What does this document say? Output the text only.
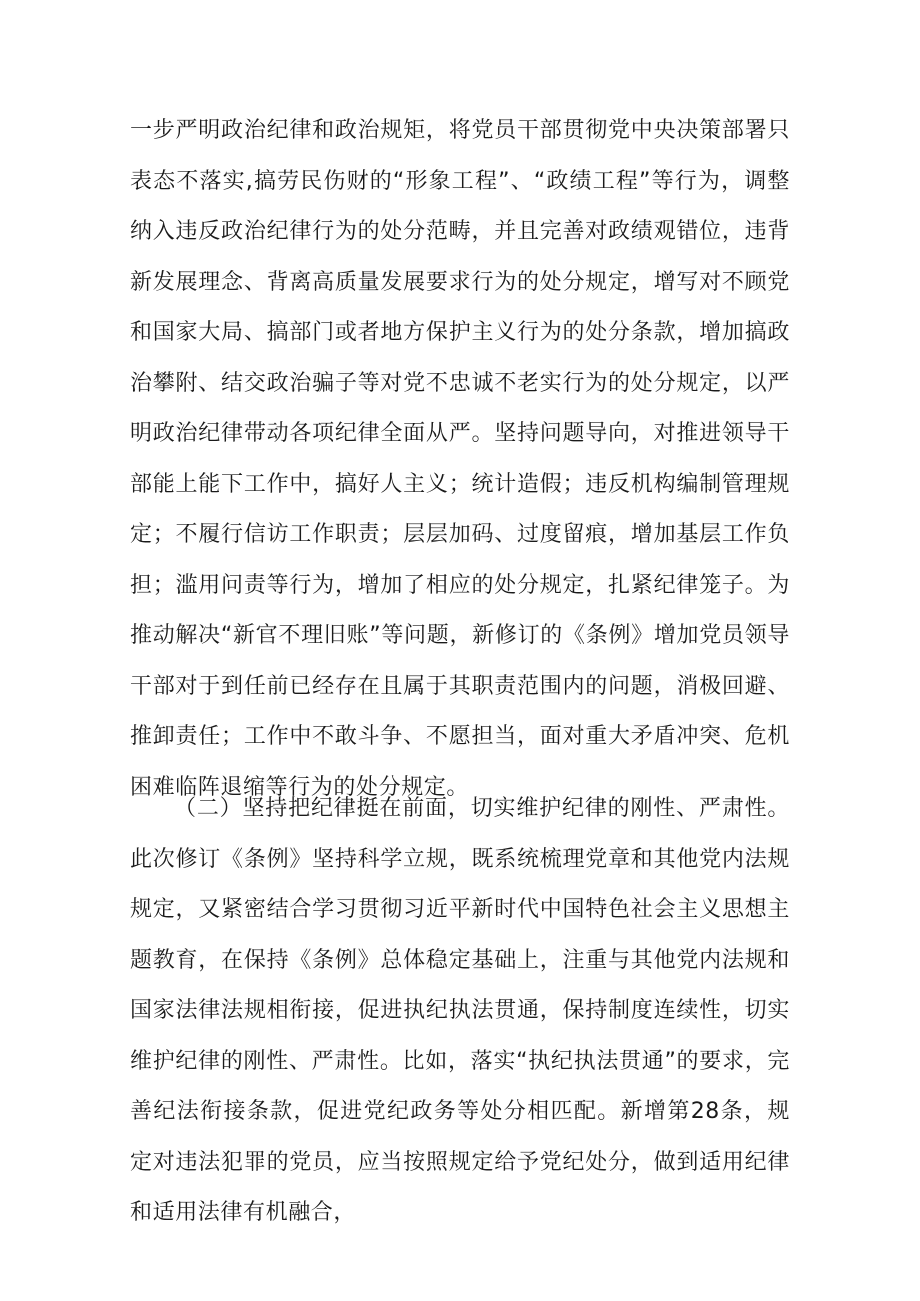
一步严明政治纪律和政治规矩，将党员干部贯彻党中央决策部署只表态不落实,搞劳民伤财的“形象工程”、“政绩工程”等行为，调整纳入违反政治纪律行为的处分范畴，并且完善对政绩观错位，违背新发展理念、背离高质量发展要求行为的处分规定，增写对不顾党和国家大局、搞部门或者地方保护主义行为的处分条款，增加搞政治攀附、结交政治骗子等对党不忠诚不老实行为的处分规定，以严明政治纪律带动各项纪律全面从严。坚持问题导向，对推进领导干部能上能下工作中，搞好人主义；统计造假；违反机构编制管理规定；不履行信访工作职责；层层加码、过度留痕，增加基层工作负担；滥用问责等行为，增加了相应的处分规定，扎紧纪律笼子。为推动解决“新官不理旧账”等问题，新修订的《条例》增加党员领导干部对于到任前已经存在且属于其职责范围内的问题，消极回避、推卸责任；工作中不敢斗争、不愿担当，面对重大矛盾冲突、危机困难临阵退缩等行为的处分规定。

（二）坚持把纪律挺在前面，切实维护纪律的刚性、严肃性。此次修订《条例》坚持科学立规，既系统梳理党章和其他党内法规规定，又紧密结合学习贯彻习近平新时代中国特色社会主义思想主题教育，在保持《条例》总体稳定基础上，注重与其他党内法规和国家法律法规相衔接，促进执纪执法贯通，保持制度连续性，切实维护纪律的刚性、严肃性。比如，落实“执纪执法贯通”的要求，完善纪法衔接条款，促进党纪政务等处分相匹配。新增第28条，规定对违法犯罪的党员，应当按照规定给予党纪处分，做到适用纪律和适用法律有机融合，
